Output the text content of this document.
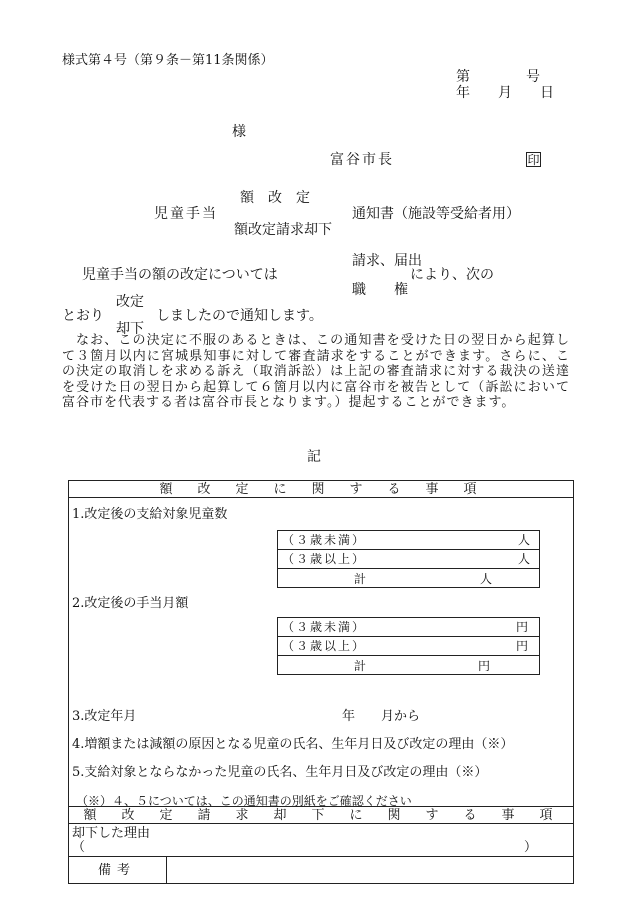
様式第４号（第９条－第11条関係）
第　　　　号
年　　月　　日
様
富谷市長	印
額　改　定
児童手当	通知書（施設等受給者用）
額改定請求却下
請求、届出
児童手当の額の改定については	により、次の
職　　権
改定
とおり	しましたので通知します。
却下
なお、この決定に不服のあるときは、この通知書を受けた日の翌日から起算して３箇月以内に宮城県知事に対して審査請求をすることができます。さらに、この決定の取消しを求める訴え（取消訴訟）は上記の審査請求に対する裁決の送達を受けた日の翌日から起算して６箇月以内に富谷市を被告として（訴訟において富谷市を代表する者は富谷市長となります。）提起することができます。
記
額　改　定　に　関　す　る　事　項
1.改定後の支給対象児童数
（３歳未満）	人
（３歳以上）	人
計	人
2.改定後の手当月額
（３歳未満）	円
（３歳以上）	円
計	円
3.改定年月	年　　月から
4.増額または減額の原因となる児童の氏名、生年月日及び改定の理由（※）
5.支給対象とならなかった児童の氏名、生年月日及び改定の理由（※）
（※）４、５については、この通知書の別紙をご確認ください
額　改　定　請　求　却　下　に　関　す　る　事　項
却下した理由
（	）
備考
